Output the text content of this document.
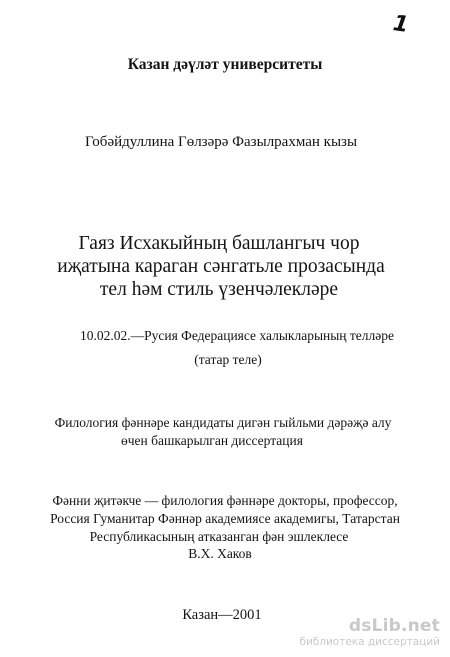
1
Казан дәүләт университеты
Гобәйдуллина Гөлзәрә Фазылрахман кызы
Гаяз Исхакыйның башлангыч чор
иҗатына караган сәнгатьле прозасында
тел һәм стиль үзенчәлекләре
10.02.02.—Русия Федерациясе халыкларының телләре
(татар теле)
Филология фәннәре кандидаты дигән гыйльми дәрәҗә алу
өчен башкарылган диссертация
Фәнни җитәкче — филология фәннәре докторы, профессор,
Россия Гуманитар Фәннәр академиясе академигы, Татарстан
Республикасының атказанган фән эшлеклесе
В.Х. Хаков
Казан—2001
dsLib.net
библиотека диссертаций
